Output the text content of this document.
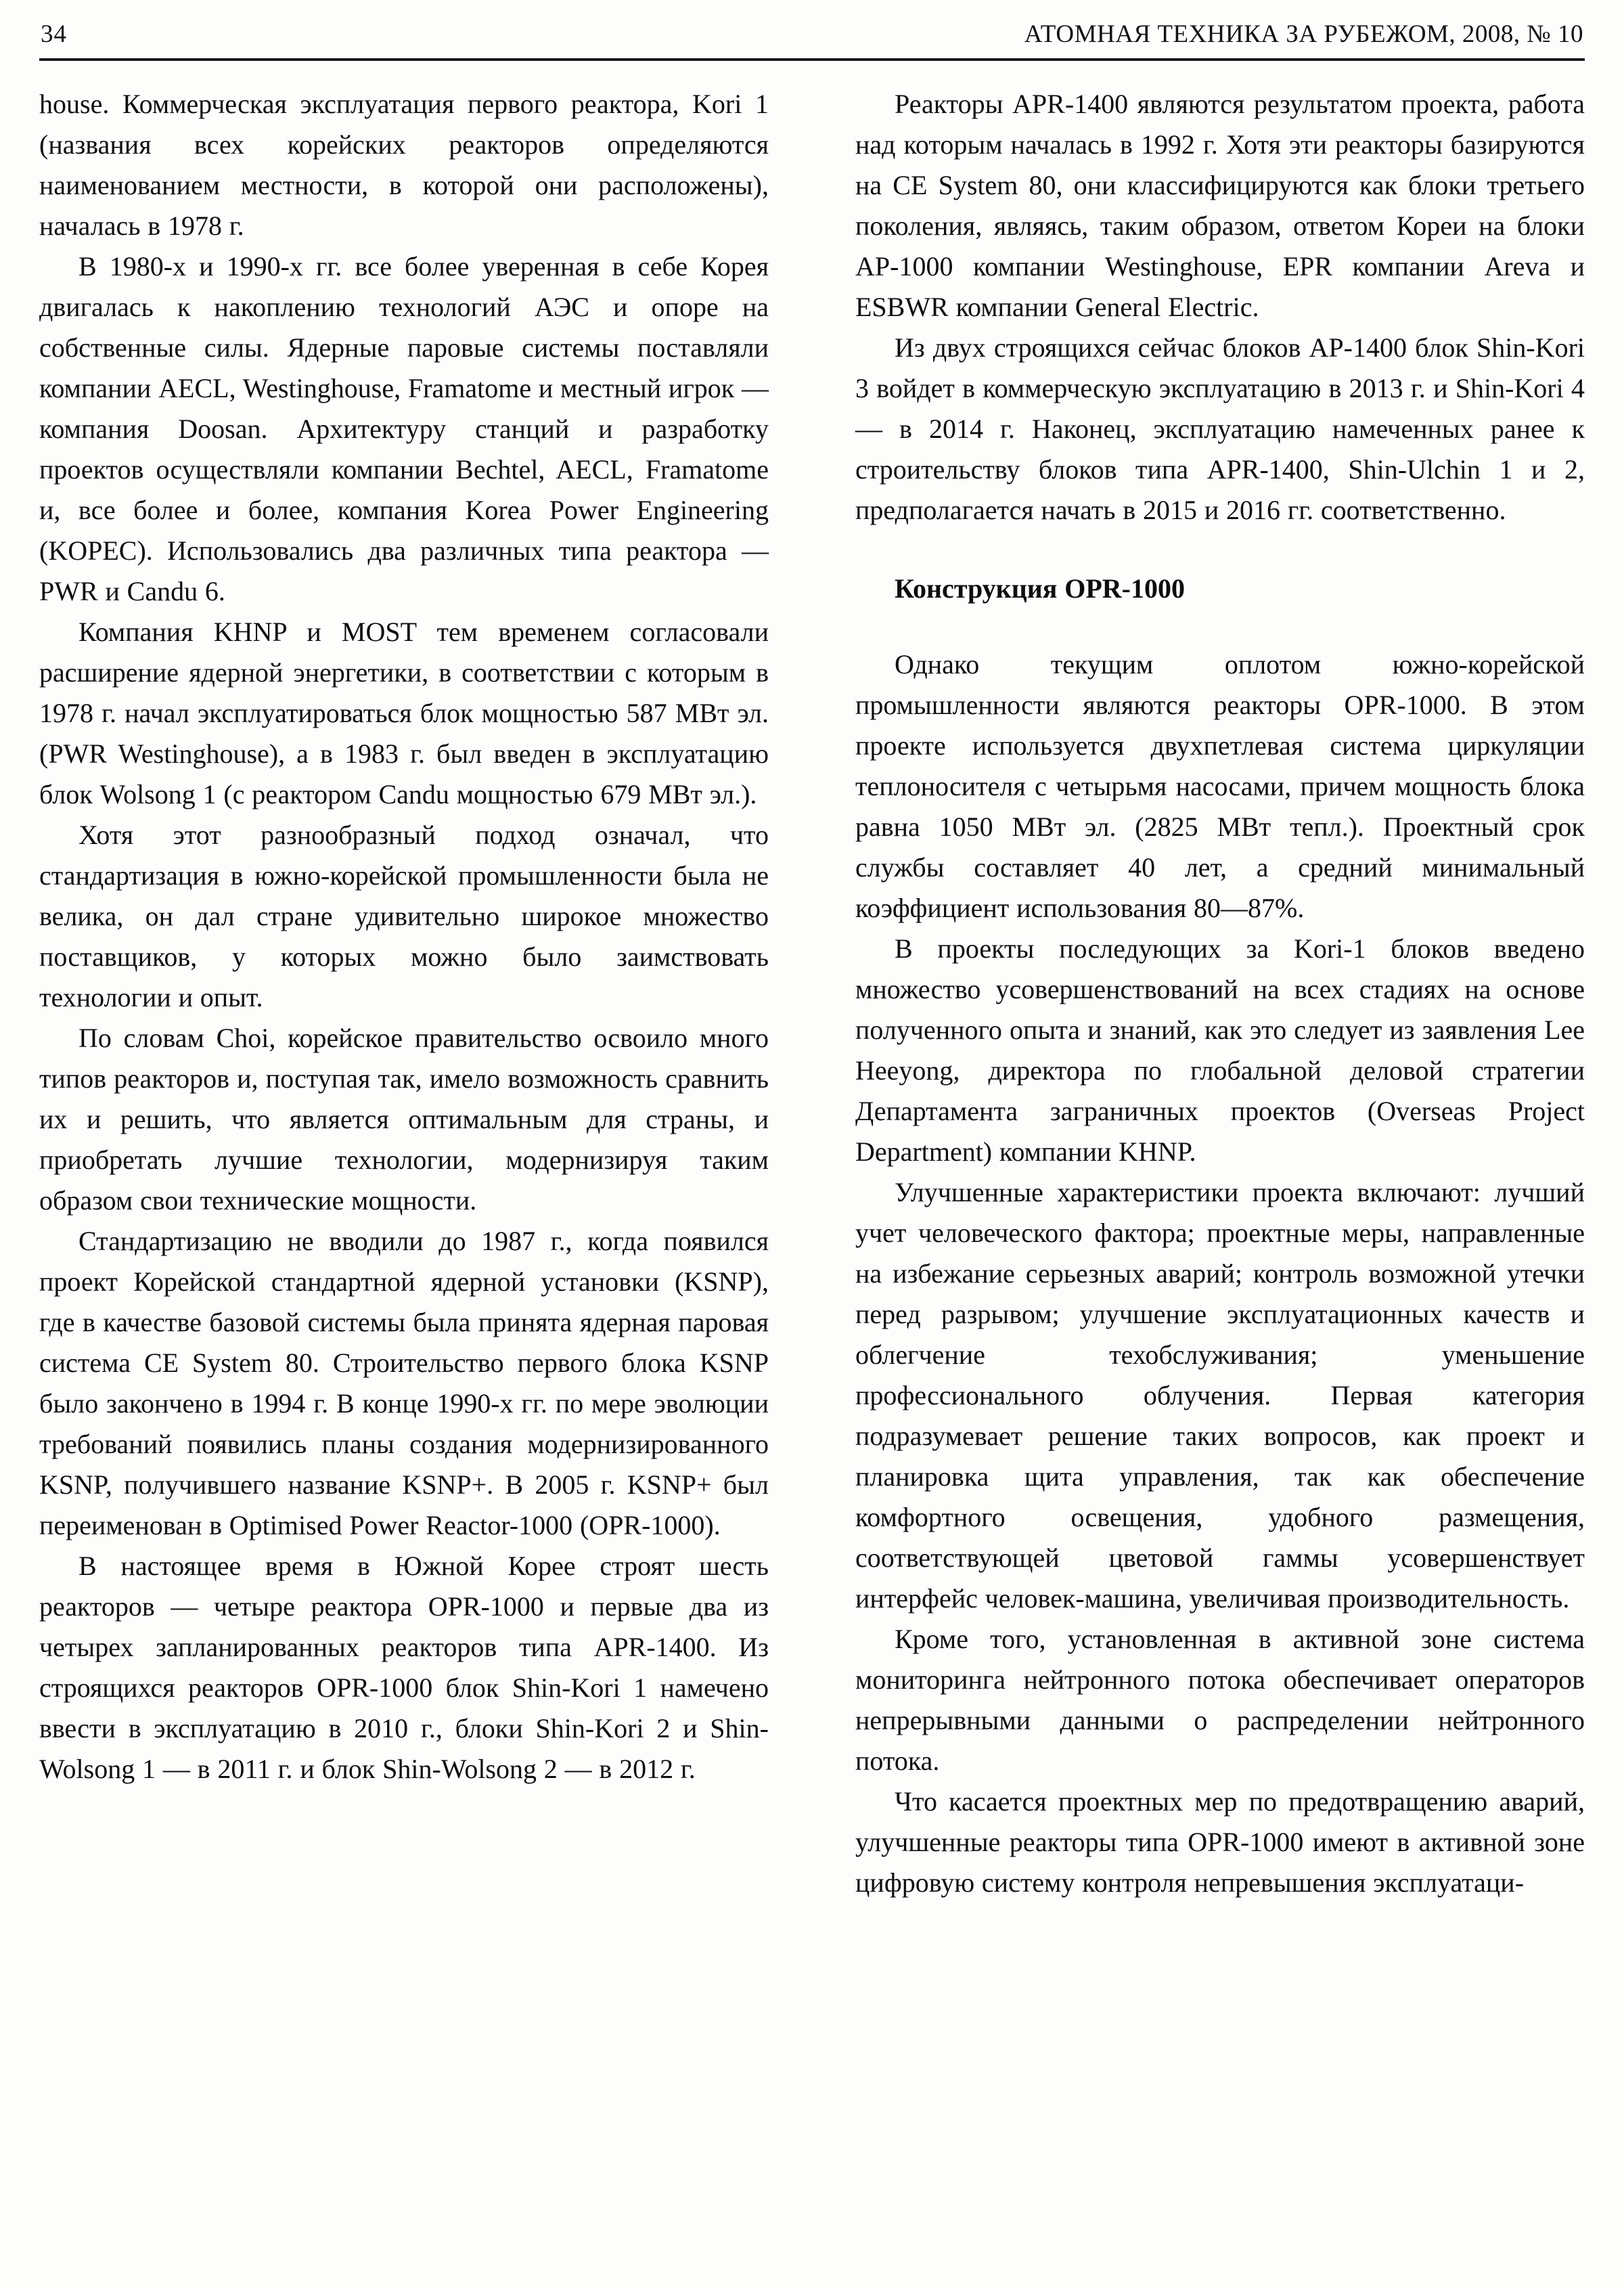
34	АТОМНАЯ ТЕХНИКА ЗА РУБЕЖОМ, 2008, № 10

house. Коммерческая эксплуатация первого реактора, Kori 1 (названия всех корейских реакторов определяются наименованием местности, в которой они расположены), началась в 1978 г.

В 1980-х и 1990-х гг. все более уверенная в себе Корея двигалась к накоплению технологий АЭС и опоре на собственные силы. Ядерные паровые системы поставляли компании AECL, Westinghouse, Framatome и местный игрок — компания Doosan. Архитектуру станций и разработку проектов осуществляли компании Bechtel, AECL, Framatome и, все более и более, компания Korea Power Engineering (KOPEC). Использовались два различных типа реактора — PWR и Candu 6.

Компания KHNP и MOST тем временем согласовали расширение ядерной энергетики, в соответствии с которым в 1978 г. начал эксплуатироваться блок мощностью 587 МВт эл. (PWR Westinghouse), а в 1983 г. был введен в эксплуатацию блок Wolsong 1 (с реактором Candu мощностью 679 МВт эл.).

Хотя этот разнообразный подход означал, что стандартизация в южно-корейской промышленности была не велика, он дал стране удивительно широкое множество поставщиков, у которых можно было заимствовать технологии и опыт.

По словам Choi, корейское правительство освоило много типов реакторов и, поступая так, имело возможность сравнить их и решить, что является оптимальным для страны, и приобретать лучшие технологии, модернизируя таким образом свои технические мощности.

Стандартизацию не вводили до 1987 г., когда появился проект Корейской стандартной ядерной установки (KSNP), где в качестве базовой системы была принята ядерная паровая система CE System 80. Строительство первого блока KSNP было закончено в 1994 г. В конце 1990-х гг. по мере эволюции требований появились планы создания модернизированного KSNP, получившего название KSNP+. В 2005 г. KSNP+ был переименован в Optimised Power Reactor-1000 (OPR-1000).

В настоящее время в Южной Корее строят шесть реакторов — четыре реактора OPR-1000 и первые два из четырех запланированных реакторов типа APR-1400. Из строящихся реакторов OPR-1000 блок Shin-Kori 1 намечено ввести в эксплуатацию в 2010 г., блоки Shin-Kori 2 и Shin-Wolsong 1 — в 2011 г. и блок Shin-Wolsong 2 — в 2012 г.

Реакторы APR-1400 являются результатом проекта, работа над которым началась в 1992 г. Хотя эти реакторы базируются на CE System 80, они классифицируются как блоки третьего поколения, являясь, таким образом, ответом Кореи на блоки AP-1000 компании Westinghouse, EPR компании Areva и ESBWR компании General Electric.

Из двух строящихся сейчас блоков AP-1400 блок Shin-Kori 3 войдет в коммерческую эксплуатацию в 2013 г. и Shin-Kori 4 — в 2014 г. Наконец, эксплуатацию намеченных ранее к строительству блоков типа APR-1400, Shin-Ulchin 1 и 2, предполагается начать в 2015 и 2016 гг. соответственно.

Конструкция OPR-1000

Однако текущим оплотом южно-корейской промышленности являются реакторы OPR-1000. В этом проекте используется двухпетлевая система циркуляции теплоносителя с четырьмя насосами, причем мощность блока равна 1050 МВт эл. (2825 МВт тепл.). Проектный срок службы составляет 40 лет, а средний минимальный коэффициент использования 80—87%.

В проекты последующих за Kori-1 блоков введено множество усовершенствований на всех стадиях на основе полученного опыта и знаний, как это следует из заявления Lee Heeyong, директора по глобальной деловой стратегии Департамента заграничных проектов (Overseas Project Department) компании KHNP.

Улучшенные характеристики проекта включают: лучший учет человеческого фактора; проектные меры, направленные на избежание серьезных аварий; контроль возможной утечки перед разрывом; улучшение эксплуатационных качеств и облегчение техобслуживания; уменьшение профессионального облучения. Первая категория подразумевает решение таких вопросов, как проект и планировка щита управления, так как обеспечение комфортного освещения, удобного размещения, соответствующей цветовой гаммы усовершенствует интерфейс человек-машина, увеличивая производительность.

Кроме того, установленная в активной зоне система мониторинга нейтронного потока обеспечивает операторов непрерывными данными о распределении нейтронного потока.

Что касается проектных мер по предотвращению аварий, улучшенные реакторы типа OPR-1000 имеют в активной зоне цифровую систему контроля непревышения эксплуатаци-
